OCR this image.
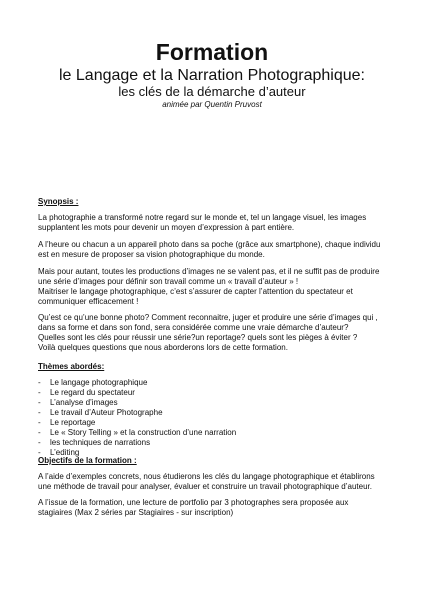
Formation
le Langage et la Narration Photographique:
les clés de la démarche d’auteur
animée par Quentin Pruvost
Synopsis :
La photographie a transformé notre regard sur le monde et, tel un langage visuel, les images
supplantent les mots pour devenir un moyen d’expression à part entière.
A l’heure ou chacun a un appareil photo dans sa poche (grâce aux smartphone), chaque individu
est en mesure de proposer sa vision photographique du monde.
Mais pour autant, toutes les productions d’images ne se valent pas, et il ne suffit pas de produire
une série d’images pour définir son travail comme un « travail d’auteur » !
Maitriser le langage photographique, c’est s’assurer de capter l’attention du spectateur et
communiquer efficacement !
Qu’est ce qu’une bonne photo? Comment reconnaitre, juger et produire une série d’images qui ,
dans sa forme et dans son fond, sera considérée comme une vraie démarche d’auteur?
Quelles sont les clés pour réussir une série?un reportage? quels sont les pièges à éviter ?
Voilà quelques questions que nous aborderons lors de cette formation.
Thèmes abordés:
-	Le langage photographique
-	Le regard du spectateur
-	L’analyse d’images
-	Le travail d’Auteur Photographe
-	Le reportage
-	Le « Story Telling » et la construction d’une narration
-	les techniques de narrations
-	L’editing
Objectifs de la formation :
A l’aide d’exemples concrets, nous étudierons les clés du langage photographique et établirons
une méthode de travail pour analyser, évaluer et construire un travail photographique d’auteur.
A l’issue de la formation, une lecture de portfolio par 3 photographes sera proposée aux
stagiaires (Max 2 séries par Stagiaires - sur inscription)
